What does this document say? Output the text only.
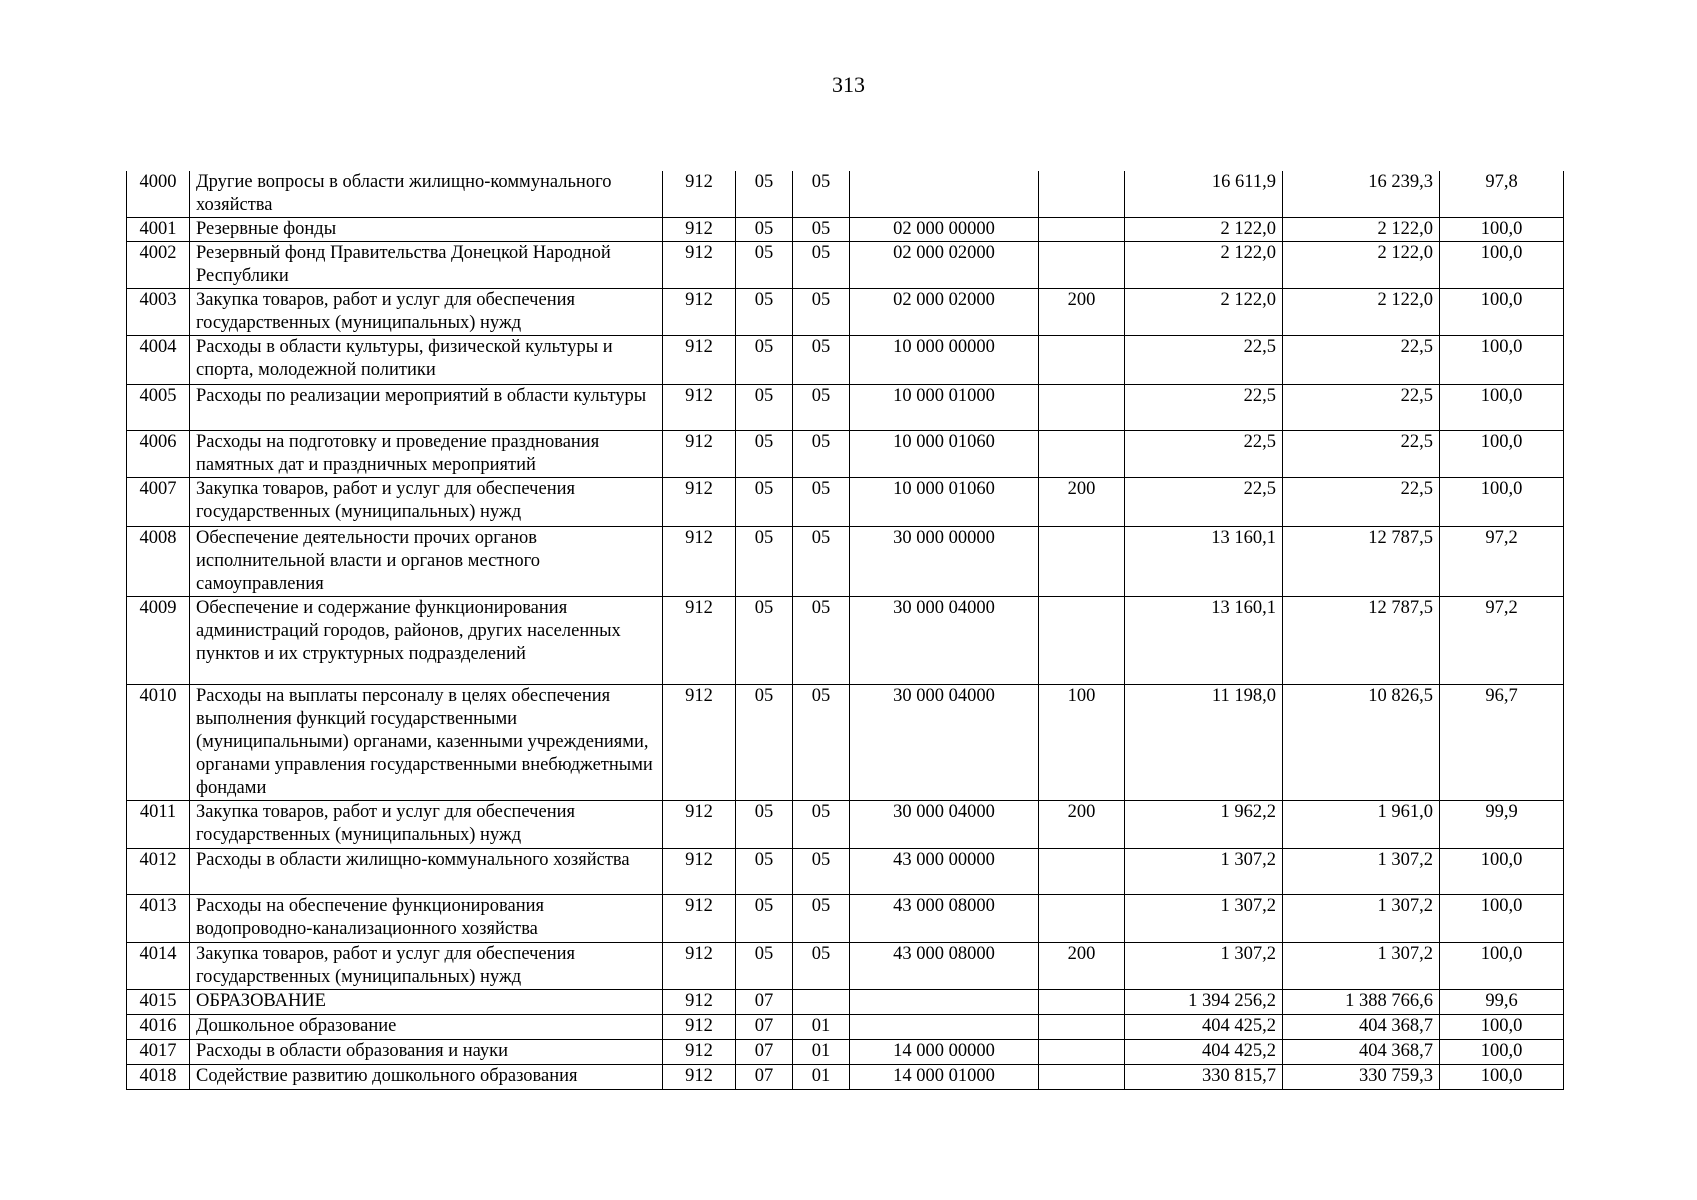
313
4000	Другие вопросы в области жилищно-коммунального хозяйства	912	05	05			16 611,9	16 239,3	97,8
4001	Резервные фонды	912	05	05	02 000 00000		2 122,0	2 122,0	100,0
4002	Резервный фонд Правительства Донецкой Народной Республики	912	05	05	02 000 02000		2 122,0	2 122,0	100,0
4003	Закупка товаров, работ и услуг для обеспечения государственных (муниципальных) нужд	912	05	05	02 000 02000	200	2 122,0	2 122,0	100,0
4004	Расходы в области культуры, физической культуры и спорта, молодежной политики	912	05	05	10 000 00000		22,5	22,5	100,0
4005	Расходы по реализации мероприятий в области культуры	912	05	05	10 000 01000		22,5	22,5	100,0
4006	Расходы на подготовку и проведение празднования памятных дат и праздничных мероприятий	912	05	05	10 000 01060		22,5	22,5	100,0
4007	Закупка товаров, работ и услуг для обеспечения государственных (муниципальных) нужд	912	05	05	10 000 01060	200	22,5	22,5	100,0
4008	Обеспечение деятельности прочих органов исполнительной власти и органов местного самоуправления	912	05	05	30 000 00000		13 160,1	12 787,5	97,2
4009	Обеспечение и содержание функционирования администраций городов, районов, других населенных пунктов и их структурных подразделений	912	05	05	30 000 04000		13 160,1	12 787,5	97,2
4010	Расходы на выплаты персоналу в целях обеспечения выполнения функций государственными (муниципальными) органами, казенными учреждениями, органами управления государственными внебюджетными фондами	912	05	05	30 000 04000	100	11 198,0	10 826,5	96,7
4011	Закупка товаров, работ и услуг для обеспечения государственных (муниципальных) нужд	912	05	05	30 000 04000	200	1 962,2	1 961,0	99,9
4012	Расходы в области жилищно-коммунального хозяйства	912	05	05	43 000 00000		1 307,2	1 307,2	100,0
4013	Расходы на обеспечение функционирования водопроводно-канализационного хозяйства	912	05	05	43 000 08000		1 307,2	1 307,2	100,0
4014	Закупка товаров, работ и услуг для обеспечения государственных (муниципальных) нужд	912	05	05	43 000 08000	200	1 307,2	1 307,2	100,0
4015	ОБРАЗОВАНИЕ	912	07				1 394 256,2	1 388 766,6	99,6
4016	Дошкольное образование	912	07	01			404 425,2	404 368,7	100,0
4017	Расходы в области образования и науки	912	07	01	14 000 00000		404 425,2	404 368,7	100,0
4018	Содействие развитию дошкольного образования	912	07	01	14 000 01000		330 815,7	330 759,3	100,0
